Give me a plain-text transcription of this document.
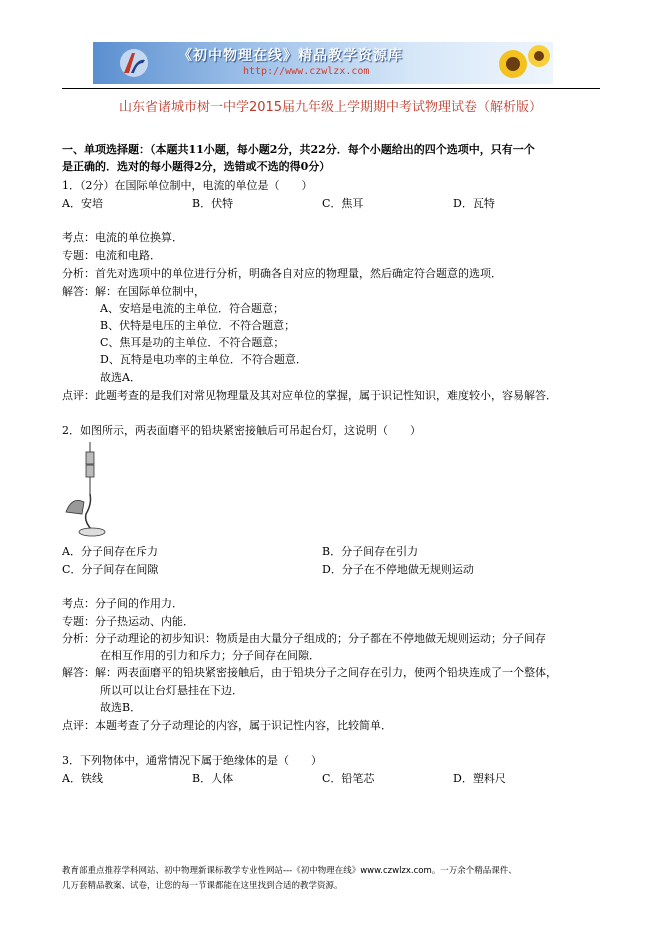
《初中物理在线》精品教学资源库
http://www.czwlzx.com
山东省诸城市树一中学2015届九年级上学期期中考试物理试卷（解析版）
一、单项选择题：（本题共11小题，每小题2分，共22分．每个小题给出的四个选项中，只有一个
是正确的．选对的每小题得2分，选错或不选的得0分）
1．（2分）在国际单位制中，电流的单位是（　　）
A．安培	B．伏特	C．焦耳	D．瓦特
考点：电流的单位换算．
专题：电流和电路．
分析：首先对选项中的单位进行分析，明确各自对应的物理量，然后确定符合题意的选项．
解答：解：在国际单位制中，
A、安培是电流的主单位．符合题意；
B、伏特是电压的主单位．不符合题意；
C、焦耳是功的主单位．不符合题意；
D、瓦特是电功率的主单位．不符合题意．
故选A．
点评：此题考查的是我们对常见物理量及其对应单位的掌握，属于识记性知识，难度较小，容易解答．
2．如图所示，两表面磨平的铅块紧密接触后可吊起台灯，这说明（　　）
A．分子间存在斥力	B．分子间存在引力
C．分子间存在间隙	D．分子在不停地做无规则运动
考点：分子间的作用力．
专题：分子热运动、内能．
分析：分子动理论的初步知识：物质是由大量分子组成的；分子都在不停地做无规则运动；分子间存
在相互作用的引力和斥力；分子间存在间隙．
解答：解：两表面磨平的铅块紧密接触后，由于铅块分子之间存在引力，使两个铅块连成了一个整体，
所以可以让台灯悬挂在下边．
故选B．
点评：本题考查了分子动理论的内容，属于识记性内容，比较简单．
3．下列物体中，通常情况下属于绝缘体的是（　　）
A．铁线	B．人体	C．铅笔芯	D．塑料尺
教育部重点推荐学科网站、初中物理新课标教学专业性网站---《初中物理在线》www.czwlzx.com。一万余个精品课件、
几万套精品教案、试卷，让您的每一节课都能在这里找到合适的教学资源。
